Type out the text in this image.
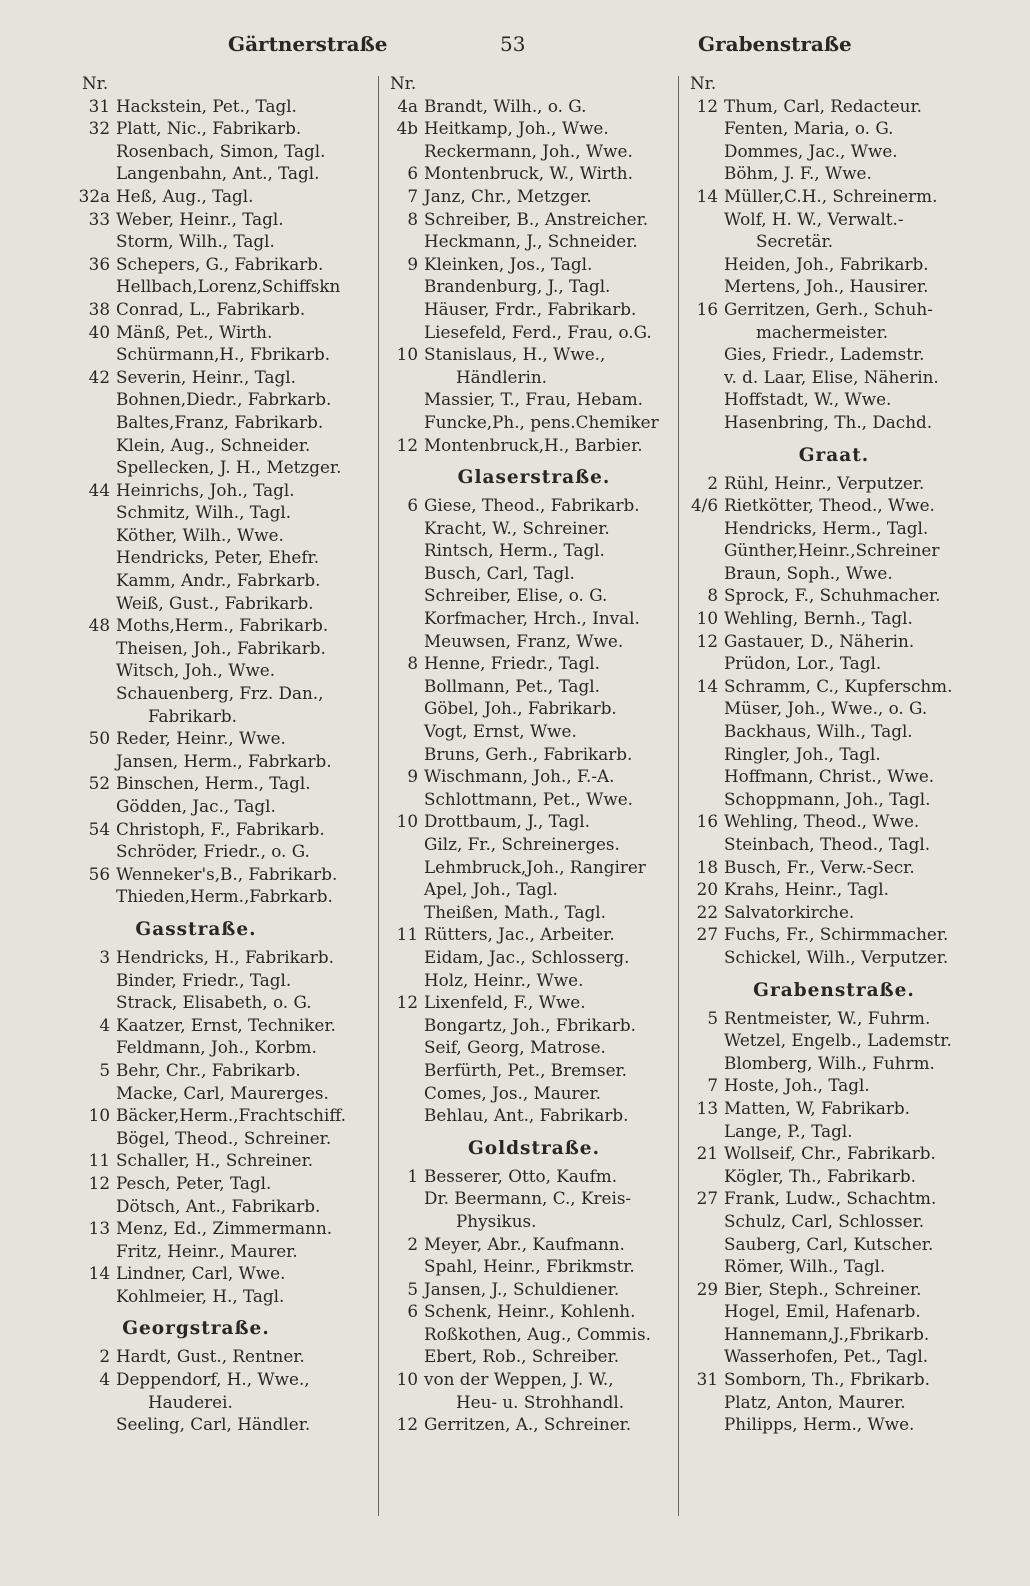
Gärtnerstraße	53	Grabenstraße
Nr.
31 Hackstein, Pet., Tagl.
32 Platt, Nic., Fabrikarb.
Rosenbach, Simon, Tagl.
Langenbahn, Ant., Tagl.
32a Heß, Aug., Tagl.
33 Weber, Heinr., Tagl.
Storm, Wilh., Tagl.
36 Schepers, G., Fabrikarb.
Hellbach,Lorenz,Schiffskn
38 Conrad, L., Fabrikarb.
40 Mänß, Pet., Wirth.
Schürmann,H., Fbrikarb.
42 Severin, Heinr., Tagl.
Bohnen,Diedr., Fabrkarb.
Baltes,Franz, Fabrikarb.
Klein, Aug., Schneider.
Spellecken, J. H., Metzger.
44 Heinrichs, Joh., Tagl.
Schmitz, Wilh., Tagl.
Köther, Wilh., Wwe.
Hendricks, Peter, Ehefr.
Kamm, Andr., Fabrkarb.
Weiß, Gust., Fabrikarb.
48 Moths,Herm., Fabrikarb.
Theisen, Joh., Fabrikarb.
Witsch, Joh., Wwe.
Schauenberg, Frz. Dan.,
Fabrikarb.
50 Reder, Heinr., Wwe.
Jansen, Herm., Fabrkarb.
52 Binschen, Herm., Tagl.
Gödden, Jac., Tagl.
54 Christoph, F., Fabrikarb.
Schröder, Friedr., o. G.
56 Wenneker's,B., Fabrikarb.
Thieden,Herm.,Fabrkarb.
Gasstraße.
3 Hendricks, H., Fabrikarb.
Binder, Friedr., Tagl.
Strack, Elisabeth, o. G.
4 Kaatzer, Ernst, Techniker.
Feldmann, Joh., Korbm.
5 Behr, Chr., Fabrikarb.
Macke, Carl, Maurerges.
10 Bäcker,Herm.,Frachtschiff.
Bögel, Theod., Schreiner.
11 Schaller, H., Schreiner.
12 Pesch, Peter, Tagl.
Dötsch, Ant., Fabrikarb.
13 Menz, Ed., Zimmermann.
Fritz, Heinr., Maurer.
14 Lindner, Carl, Wwe.
Kohlmeier, H., Tagl.
Georgstraße.
2 Hardt, Gust., Rentner.
4 Deppendorf, H., Wwe.,
Hauderei.
Seeling, Carl, Händler.
Nr.
4a Brandt, Wilh., o. G.
4b Heitkamp, Joh., Wwe.
Reckermann, Joh., Wwe.
6 Montenbruck, W., Wirth.
7 Janz, Chr., Metzger.
8 Schreiber, B., Anstreicher.
Heckmann, J., Schneider.
9 Kleinken, Jos., Tagl.
Brandenburg, J., Tagl.
Häuser, Frdr., Fabrikarb.
Liesefeld, Ferd., Frau, o.G.
10 Stanislaus, H., Wwe.,
Händlerin.
Massier, T., Frau, Hebam.
Funcke,Ph., pens.Chemiker
12 Montenbruck,H., Barbier.
Glaserstraße.
6 Giese, Theod., Fabrikarb.
Kracht, W., Schreiner.
Rintsch, Herm., Tagl.
Busch, Carl, Tagl.
Schreiber, Elise, o. G.
Korfmacher, Hrch., Inval.
Meuwsen, Franz, Wwe.
8 Henne, Friedr., Tagl.
Bollmann, Pet., Tagl.
Göbel, Joh., Fabrikarb.
Vogt, Ernst, Wwe.
Bruns, Gerh., Fabrikarb.
9 Wischmann, Joh., F.-A.
Schlottmann, Pet., Wwe.
10 Drottbaum, J., Tagl.
Gilz, Fr., Schreinerges.
Lehmbruck,Joh., Rangirer
Apel, Joh., Tagl.
Theißen, Math., Tagl.
11 Rütters, Jac., Arbeiter.
Eidam, Jac., Schlosserg.
Holz, Heinr., Wwe.
12 Lixenfeld, F., Wwe.
Bongartz, Joh., Fbrikarb.
Seif, Georg, Matrose.
Berfürth, Pet., Bremser.
Comes, Jos., Maurer.
Behlau, Ant., Fabrikarb.
Goldstraße.
1 Besserer, Otto, Kaufm.
Dr. Beermann, C., Kreis-
Physikus.
2 Meyer, Abr., Kaufmann.
Spahl, Heinr., Fbrikmstr.
5 Jansen, J., Schuldiener.
6 Schenk, Heinr., Kohlenh.
Roßkothen, Aug., Commis.
Ebert, Rob., Schreiber.
10 von der Weppen, J. W.,
Heu- u. Strohhandl.
12 Gerritzen, A., Schreiner.
Nr.
12 Thum, Carl, Redacteur.
Fenten, Maria, o. G.
Dommes, Jac., Wwe.
Böhm, J. F., Wwe.
14 Müller,C.H., Schreinerm.
Wolf, H. W., Verwalt.-
Secretär.
Heiden, Joh., Fabrikarb.
Mertens, Joh., Hausirer.
16 Gerritzen, Gerh., Schuh-
machermeister.
Gies, Friedr., Lademstr.
v. d. Laar, Elise, Näherin.
Hoffstadt, W., Wwe.
Hasenbring, Th., Dachd.
Graat.
2 Rühl, Heinr., Verputzer.
4/6 Rietkötter, Theod., Wwe.
Hendricks, Herm., Tagl.
Günther,Heinr.,Schreiner
Braun, Soph., Wwe.
8 Sprock, F., Schuhmacher.
10 Wehling, Bernh., Tagl.
12 Gastauer, D., Näherin.
Prüdon, Lor., Tagl.
14 Schramm, C., Kupferschm.
Müser, Joh., Wwe., o. G.
Backhaus, Wilh., Tagl.
Ringler, Joh., Tagl.
Hoffmann, Christ., Wwe.
Schoppmann, Joh., Tagl.
16 Wehling, Theod., Wwe.
Steinbach, Theod., Tagl.
18 Busch, Fr., Verw.-Secr.
20 Krahs, Heinr., Tagl.
22 Salvatorkirche.
27 Fuchs, Fr., Schirmmacher.
Schickel, Wilh., Verputzer.
Grabenstraße.
5 Rentmeister, W., Fuhrm.
Wetzel, Engelb., Lademstr.
Blomberg, Wilh., Fuhrm.
7 Hoste, Joh., Tagl.
13 Matten, W, Fabrikarb.
Lange, P., Tagl.
21 Wollseif, Chr., Fabrikarb.
Kögler, Th., Fabrikarb.
27 Frank, Ludw., Schachtm.
Schulz, Carl, Schlosser.
Sauberg, Carl, Kutscher.
Römer, Wilh., Tagl.
29 Bier, Steph., Schreiner.
Hogel, Emil, Hafenarb.
Hannemann,J.,Fbrikarb.
Wasserhofen, Pet., Tagl.
31 Somborn, Th., Fbrikarb.
Platz, Anton, Maurer.
Philipps, Herm., Wwe.
